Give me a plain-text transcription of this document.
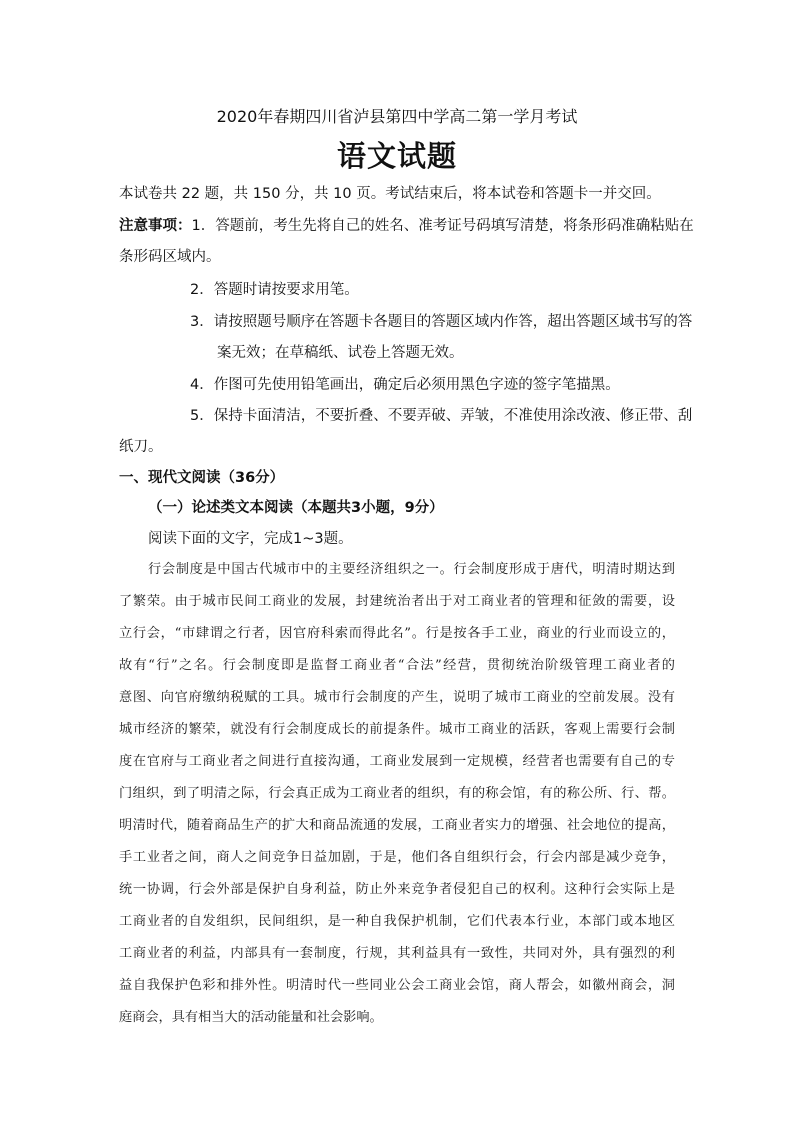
2020年春期四川省泸县第四中学高二第一学月考试
语文试题
本试卷共 22 题，共 150 分，共 10 页。考试结束后，将本试卷和答题卡一并交回。
注意事项：1．答题前，考生先将自己的姓名、准考证号码填写清楚，将条形码准确粘贴在
条形码区域内。
2．答题时请按要求用笔。
3．请按照题号顺序在答题卡各题目的答题区域内作答，超出答题区域书写的答
案无效；在草稿纸、试卷上答题无效。
4．作图可先使用铅笔画出，确定后必须用黑色字迹的签字笔描黑。
5．保持卡面清洁，不要折叠、不要弄破、弄皱，不准使用涂改液、修正带、刮
纸刀。
一、现代文阅读（36分）
（一）论述类文本阅读（本题共3小题，9分）
阅读下面的文字，完成1~3题。
行会制度是中国古代城市中的主要经济组织之一。行会制度形成于唐代，明清时期达到
了繁荣。由于城市民间工商业的发展，封建统治者出于对工商业者的管理和征敛的需要，设
立行会，“市肆谓之行者，因官府科索而得此名”。行是按各手工业，商业的行业而设立的，
故有“行”之名。行会制度即是监督工商业者“合法”经营，贯彻统治阶级管理工商业者的
意图、向官府缴纳税赋的工具。城市行会制度的产生，说明了城市工商业的空前发展。没有
城市经济的繁荣，就没有行会制度成长的前提条件。城市工商业的活跃，客观上需要行会制
度在官府与工商业者之间进行直接沟通，工商业发展到一定规模，经营者也需要有自己的专
门组织，到了明清之际，行会真正成为工商业者的组织，有的称会馆，有的称公所、行、帮。
明清时代，随着商品生产的扩大和商品流通的发展，工商业者实力的增强、社会地位的提高，
手工业者之间，商人之间竞争日益加剧，于是，他们各自组织行会，行会内部是减少竞争，
统一协调，行会外部是保护自身利益，防止外来竞争者侵犯自己的权利。这种行会实际上是
工商业者的自发组织，民间组织，是一种自我保护机制，它们代表本行业，本部门或本地区
工商业者的利益，内部具有一套制度，行规，其利益具有一致性，共同对外，具有强烈的利
益自我保护色彩和排外性。明清时代一些同业公会工商业会馆，商人帮会，如徽州商会，洞
庭商会，具有相当大的活动能量和社会影响。
